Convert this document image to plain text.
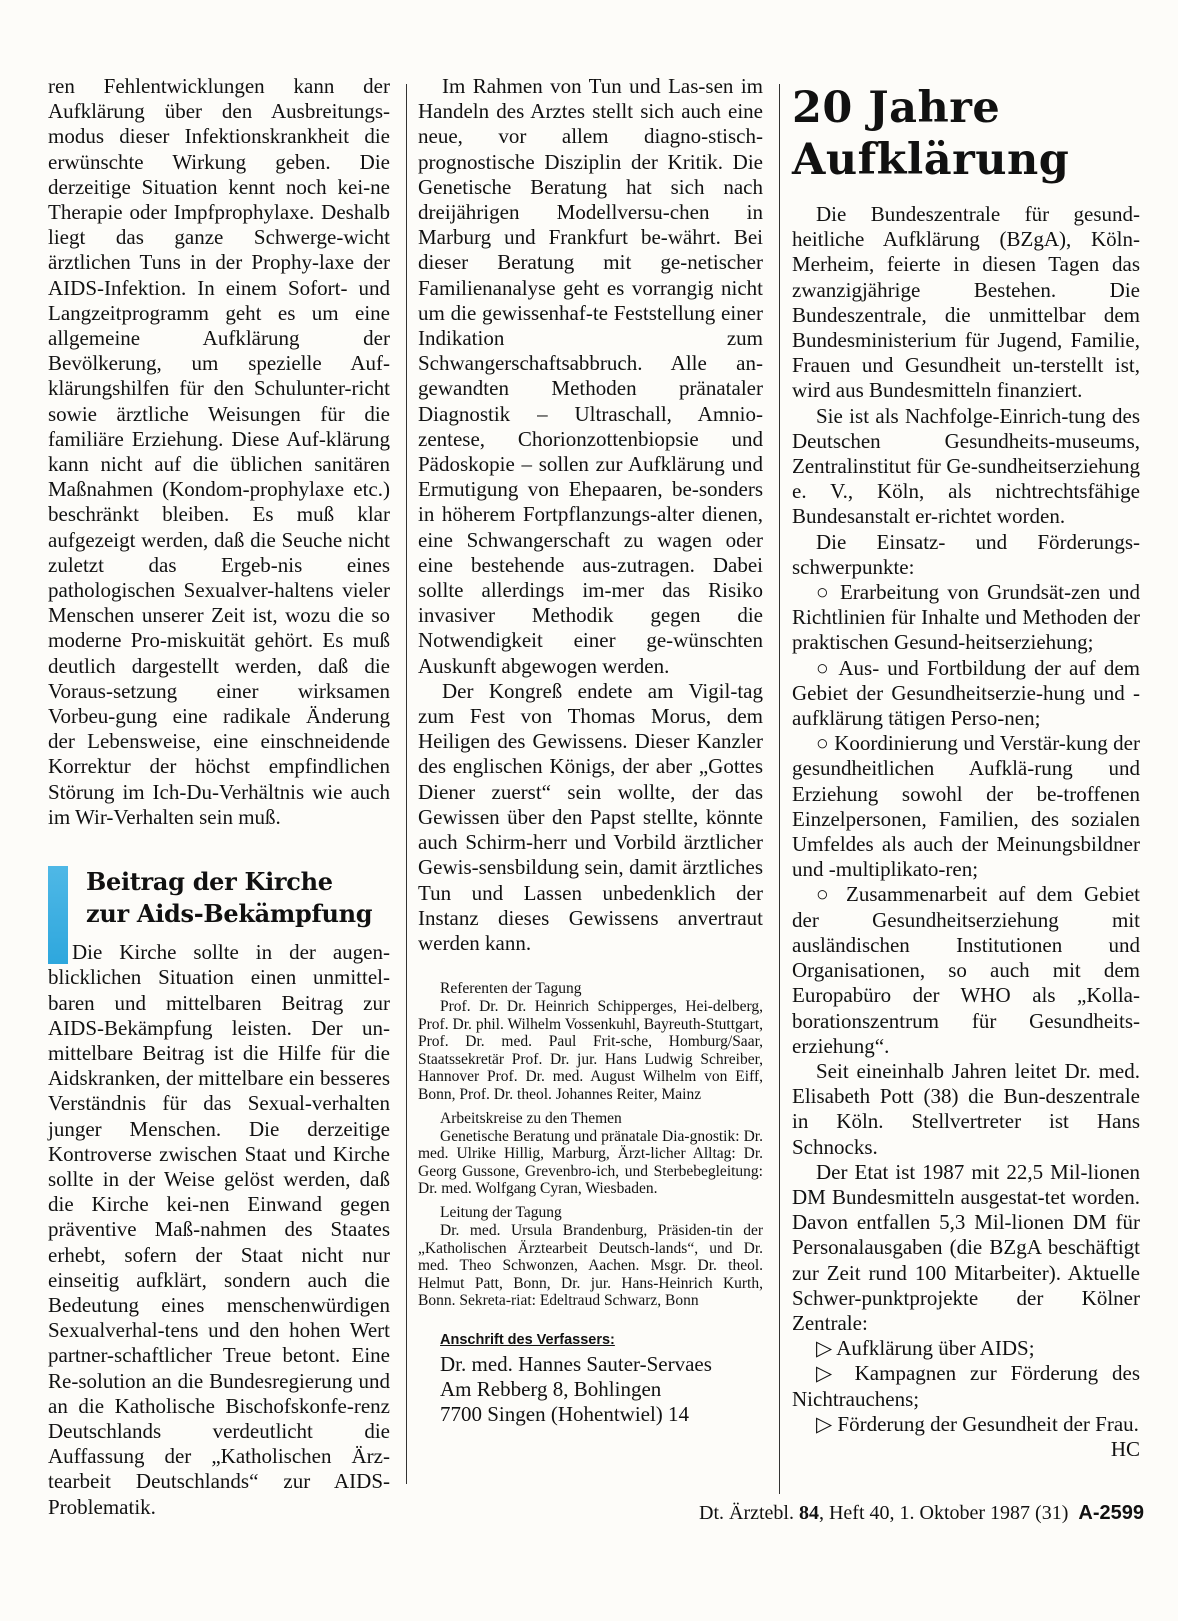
ren Fehlentwicklungen kann der Aufklärung über den Ausbreitungs-modus dieser Infektionskrankheit die erwünschte Wirkung geben. Die derzeitige Situation kennt noch kei-ne Therapie oder Impfprophylaxe. Deshalb liegt das ganze Schwerge-wicht ärztlichen Tuns in der Prophy-laxe der AIDS-Infektion. In einem Sofort- und Langzeitprogramm geht es um eine allgemeine Aufklärung der Bevölkerung, um spezielle Auf-klärungshilfen für den Schulunter-richt sowie ärztliche Weisungen für die familiäre Erziehung. Diese Auf-klärung kann nicht auf die üblichen sanitären Maßnahmen (Kondom-prophylaxe etc.) beschränkt bleiben. Es muß klar aufgezeigt werden, daß die Seuche nicht zuletzt das Ergeb-nis eines pathologischen Sexualver-haltens vieler Menschen unserer Zeit ist, wozu die so moderne Pro-miskuität gehört. Es muß deutlich dargestellt werden, daß die Voraus-setzung einer wirksamen Vorbeu-gung eine radikale Änderung der Lebensweise, eine einschneidende Korrektur der höchst empfindlichen Störung im Ich-Du-Verhältnis wie auch im Wir-Verhalten sein muß.

Beitrag der Kirche
zur Aids-Bekämpfung

Die Kirche sollte in der augen-blicklichen Situation einen unmittel-baren und mittelbaren Beitrag zur AIDS-Bekämpfung leisten. Der un-mittelbare Beitrag ist die Hilfe für die Aidskranken, der mittelbare ein besseres Verständnis für das Sexual-verhalten junger Menschen. Die derzeitige Kontroverse zwischen Staat und Kirche sollte in der Weise gelöst werden, daß die Kirche kei-nen Einwand gegen präventive Maß-nahmen des Staates erhebt, sofern der Staat nicht nur einseitig aufklärt, sondern auch die Bedeutung eines menschenwürdigen Sexualverhal-tens und den hohen Wert partner-schaftlicher Treue betont. Eine Re-solution an die Bundesregierung und an die Katholische Bischofskonfe-renz Deutschlands verdeutlicht die Auffassung der „Katholischen Ärz-tearbeit Deutschlands“ zur AIDS-Problematik.

Im Rahmen von Tun und Las-sen im Handeln des Arztes stellt sich auch eine neue, vor allem diagno-stisch-prognostische Disziplin der Kritik. Die Genetische Beratung hat sich nach dreijährigen Modellversu-chen in Marburg und Frankfurt be-währt. Bei dieser Beratung mit ge-netischer Familienanalyse geht es vorrangig nicht um die gewissenhaf-te Feststellung einer Indikation zum Schwangerschaftsabbruch. Alle an-gewandten Methoden pränataler Diagnostik – Ultraschall, Amnio-zentese, Chorionzottenbiopsie und Pädoskopie – sollen zur Aufklärung und Ermutigung von Ehepaaren, be-sonders in höherem Fortpflanzungs-alter dienen, eine Schwangerschaft zu wagen oder eine bestehende aus-zutragen. Dabei sollte allerdings im-mer das Risiko invasiver Methodik gegen die Notwendigkeit einer ge-wünschten Auskunft abgewogen werden.

Der Kongreß endete am Vigil-tag zum Fest von Thomas Morus, dem Heiligen des Gewissens. Dieser Kanzler des englischen Königs, der aber „Gottes Diener zuerst“ sein wollte, der das Gewissen über den Papst stellte, könnte auch Schirm-herr und Vorbild ärztlicher Gewis-sensbildung sein, damit ärztliches Tun und Lassen unbedenklich der Instanz dieses Gewissens anvertraut werden kann.

Referenten der Tagung

Prof. Dr. Dr. Heinrich Schipperges, Hei-delberg, Prof. Dr. phil. Wilhelm Vossenkuhl, Bayreuth-Stuttgart, Prof. Dr. med. Paul Frit-sche, Homburg/Saar, Staatssekretär Prof. Dr. jur. Hans Ludwig Schreiber, Hannover Prof. Dr. med. August Wilhelm von Eiff, Bonn, Prof. Dr. theol. Johannes Reiter, Mainz

Arbeitskreise zu den Themen

Genetische Beratung und pränatale Dia-gnostik: Dr. med. Ulrike Hillig, Marburg, Ärzt-licher Alltag: Dr. Georg Gussone, Grevenbro-ich, und Sterbebegleitung: Dr. med. Wolfgang Cyran, Wiesbaden.

Leitung der Tagung

Dr. med. Ursula Brandenburg, Präsiden-tin der „Katholischen Ärztearbeit Deutsch-lands“, und Dr. med. Theo Schwonzen, Aachen. Msgr. Dr. theol. Helmut Patt, Bonn, Dr. jur. Hans-Heinrich Kurth, Bonn. Sekreta-riat: Edeltraud Schwarz, Bonn

Anschrift des Verfassers:
Dr. med. Hannes Sauter-Servaes
Am Rebberg 8, Bohlingen
7700 Singen (Hohentwiel) 14
20 Jahre
Aufklärung

Die Bundeszentrale für gesund-heitliche Aufklärung (BZgA), Köln-Merheim, feierte in diesen Tagen das zwanzigjährige Bestehen. Die Bundeszentrale, die unmittelbar dem Bundesministerium für Jugend, Familie, Frauen und Gesundheit un-terstellt ist, wird aus Bundesmitteln finanziert.

Sie ist als Nachfolge-Einrich-tung des Deutschen Gesundheits-museums, Zentralinstitut für Ge-sundheitserziehung e. V., Köln, als nichtrechtsfähige Bundesanstalt er-richtet worden.

Die Einsatz- und Förderungs-schwerpunkte:

○ Erarbeitung von Grundsät-zen und Richtlinien für Inhalte und Methoden der praktischen Gesund-heitserziehung;

○ Aus- und Fortbildung der auf dem Gebiet der Gesundheitserzie-hung und -aufklärung tätigen Perso-nen;

○ Koordinierung und Verstär-kung der gesundheitlichen Aufklä-rung und Erziehung sowohl der be-troffenen Einzelpersonen, Familien, des sozialen Umfeldes als auch der Meinungsbildner und -multiplikato-ren;

○ Zusammenarbeit auf dem Gebiet der Gesundheitserziehung mit ausländischen Institutionen und Organisationen, so auch mit dem Europabüro der WHO als „Kolla-borationszentrum für Gesundheits-erziehung“.

Seit eineinhalb Jahren leitet Dr. med. Elisabeth Pott (38) die Bun-deszentrale in Köln. Stellvertreter ist Hans Schnocks.

Der Etat ist 1987 mit 22,5 Mil-lionen DM Bundesmitteln ausgestat-tet worden. Davon entfallen 5,3 Mil-lionen DM für Personalausgaben (die BZgA beschäftigt zur Zeit rund 100 Mitarbeiter). Aktuelle Schwer-punktprojekte der Kölner Zentrale:

▷ Aufklärung über AIDS;

▷ Kampagnen zur Förderung des Nichtrauchens;

▷ Förderung der Gesundheit der Frau.
HC

Dt. Ärztebl. 84, Heft 40, 1. Oktober 1987 (31) A-2599
